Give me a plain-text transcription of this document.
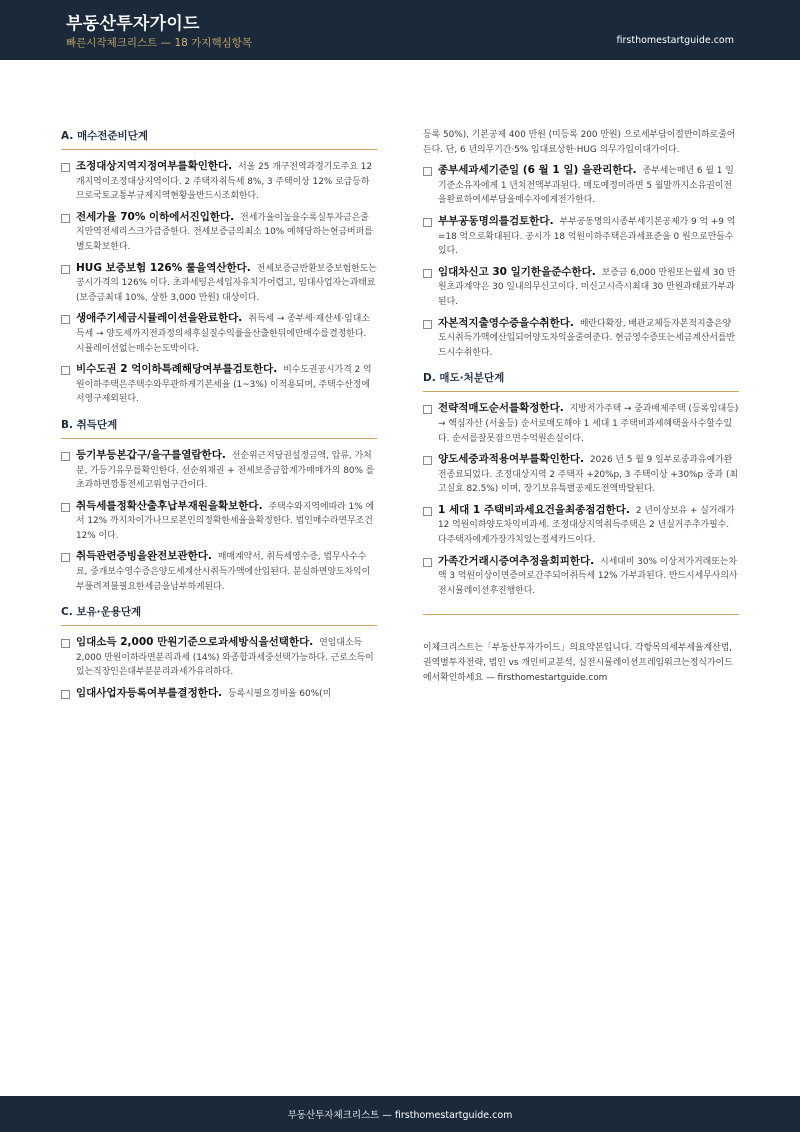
부동산투자가이드
빠른시작체크리스트 — 18 가지핵심항목	firsthomestartguide.com
A. 매수전준비단계
조정대상지역지정여부를확인한다. 서울 25 개구전역과경기도주요 12 개지역이조정대상지역이다. 2 주택자취득세 8%, 3 주택이상 12% 로급등하므로국토교통부규제지역현황을반드시조회한다.
전세가율 70% 이하에서진입한다. 전세가율이높을수록실투자금은줄지만역전세리스크가급증한다. 전세보증금의최소 10% 에해당하는현금버퍼를별도확보한다.
HUG 보증보험 126% 룰을역산한다. 전세보증금반환보증보험한도는공시가격의 126% 이다. 초과세팅은세입자유치가어렵고, 임대사업자는과태료 (보증금최대 10%, 상한 3,000 만원) 대상이다.
생애주기세금시뮬레이션을완료한다. 취득세 → 종부세·재산세·임대소득세 → 양도세까지전과정의세후실질수익률을산출한뒤에만매수를결정한다. 시뮬레이션없는매수는도박이다.
비수도권 2 억이하특례해당여부를검토한다. 비수도권공시가격 2 억원이하주택은주택수와무관하게기본세율 (1~3%) 이적용되며, 주택수산정에서영구제외된다.
B. 취득단계
등기부등본갑구/을구를열람한다. 선순위근저당권설정금액, 압류, 가처분, 가등기유무를확인한다. 선순위채권 + 전세보증금합계가매매가의 80% 를초과하면깡통전세고위험구간이다.
취득세를정확산출후납부재원을확보한다. 주택수와지역에따라 1% 에서 12% 까지차이가나므로본인의정확한세율을확정한다. 법인매수라면무조건 12% 이다.
취득관련증빙을완전보관한다. 매매계약서, 취득세영수증, 법무사수수료, 중개보수영수증은양도세계산시취득가액에산입된다. 분실하면양도차익이부풀려져불필요한세금을납부하게된다.
C. 보유·운용단계
임대소득 2,000 만원기준으로과세방식을선택한다. 연임대소득 2,000 만원이하라면분리과세 (14%) 와종합과세중선택가능하다. 근로소득이있는직장인은대부분분리과세가유리하다.
임대사업자등록여부를결정한다. 등록시필요경비율 60%(미
등록 50%), 기본공제 400 만원 (미등록 200 만원) 으로세부담이절반이하로줄어든다. 단, 6 년의무기간·5% 임대료상한·HUG 의무가입이대가이다.
종부세과세기준일 (6 월 1 일) 을관리한다. 종부세는매년 6 월 1 일기준소유자에게 1 년치전액부과된다. 매도예정이라면 5 월말까지소유권이전을완료하여세부담을매수자에게전가한다.
부부공동명의를검토한다. 부부공동명의시종부세기본공제가 9 억 +9 억 =18 억으로확대된다. 공시가 18 억원이하주택은과세표준을 0 원으로만들수있다.
임대차신고 30 일기한을준수한다. 보증금 6,000 만원또는월세 30 만원초과계약은 30 일내의무신고이다. 미신고시즉시최대 30 만원과태료가부과된다.
자본적지출영수증을수취한다. 베란다확장, 배관교체등자본적지출은양도시취득가액에산입되어양도차익을줄여준다. 현금영수증또는세금계산서를반드시수취한다.
D. 매도·처분단계
전략적매도순서를확정한다. 지방저가주택 → 중과배제주택 (등록임대등) → 핵심자산 (서울등) 순서로매도해야 1 세대 1 주택비과세혜택을사수할수있다. 순서를잘못잡으면수억원손실이다.
양도세중과적용여부를확인한다. 2026 년 5 월 9 일부로중과유예가완전종료되었다. 조정대상지역 2 주택자 +20%p, 3 주택이상 +30%p 중과 (최고실효 82.5%) 이며, 장기보유특별공제도전액박탈된다.
1 세대 1 주택비과세요건을최종점검한다. 2 년이상보유 + 실거래가 12 억원이하양도차익비과세. 조정대상지역취득주택은 2 년실거주추가필수. 다주택자에게가장가치있는절세카드이다.
가족간거래시증여추정을회피한다. 시세대비 30% 이상저가거래또는차액 3 억원이상이면증여로간주되어취득세 12% 가부과된다. 반드시세무사의사전시뮬레이션후진행한다.
이체크리스트는「부동산투자가이드」의요약본입니다. 각항목의세부세율계산법, 권역별투자전략, 법인 vs 개인비교분석, 실전시뮬레이션프레임워크는정식가이드에서확인하세요 — firsthomestartguide.com
부동산투자체크리스트 — firsthomestartguide.com
